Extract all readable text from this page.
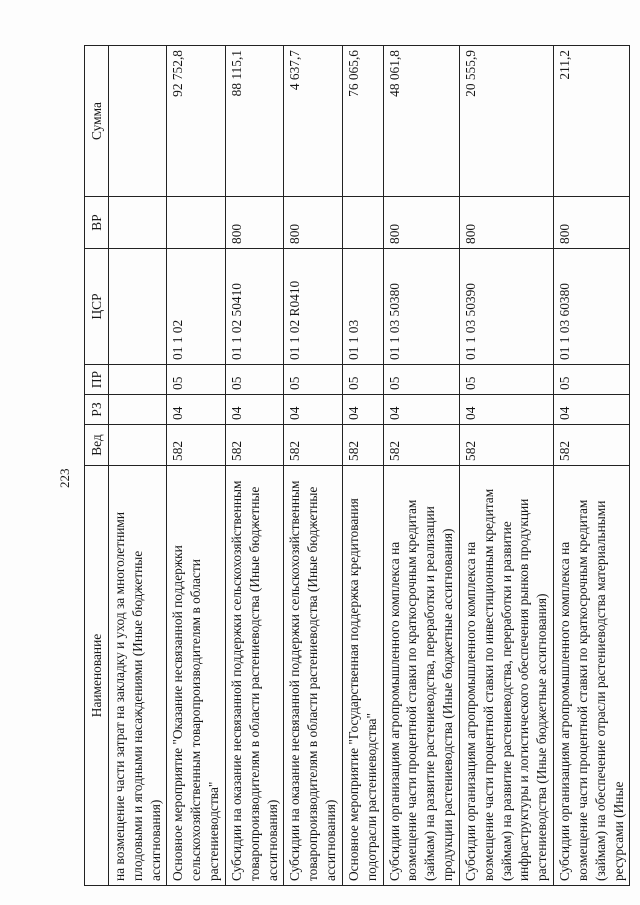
223
Наименование	Вед	РЗ	ПР	ЦСР	ВР	Сумма
на возмещение части затрат на закладку и уход за многолетними плодовыми и ягодными насаждениями (Иные бюджетные ассигнования)						
Основное мероприятие "Оказание несвязанной поддержки сельскохозяйственным товаропроизводителям в области растениеводства"	582	04	05	01 1 02		92 752,8
Субсидии на оказание несвязанной поддержки сельскохозяйственным товаропроизводителям в области растениеводства (Иные бюджетные ассигнования)	582	04	05	01 1 02 50410	800	88 115,1
Субсидии на оказание несвязанной поддержки сельскохозяйственным товаропроизводителям в области растениеводства (Иные бюджетные ассигнования)	582	04	05	01 1 02 R0410	800	4 637,7
Основное мероприятие "Государственная поддержка кредитования подотрасли растениеводства"	582	04	05	01 1 03		76 065,6
Субсидии организациям агропромышленного комплекса на возмещение части процентной ставки по краткосрочным кредитам (займам) на развитие растениеводства, переработки и реализации продукции растениеводства (Иные бюджетные ассигнования)	582	04	05	01 1 03 50380	800	48 061,8
Субсидии организациям агропромышленного комплекса на возмещение части процентной ставки по инвестиционным кредитам (займам) на развитие растениеводства, переработки и развитие инфраструктуры и логистического обеспечения рынков продукции растениеводства (Иные бюджетные ассигнования)	582	04	05	01 1 03 50390	800	20 555,9
Субсидии организациям агропромышленного комплекса на возмещение части процентной ставки по краткосрочным кредитам (займам) на обеспечение отрасли растениеводства материальными ресурсами (Иные	582	04	05	01 1 03 60380	800	211,2
